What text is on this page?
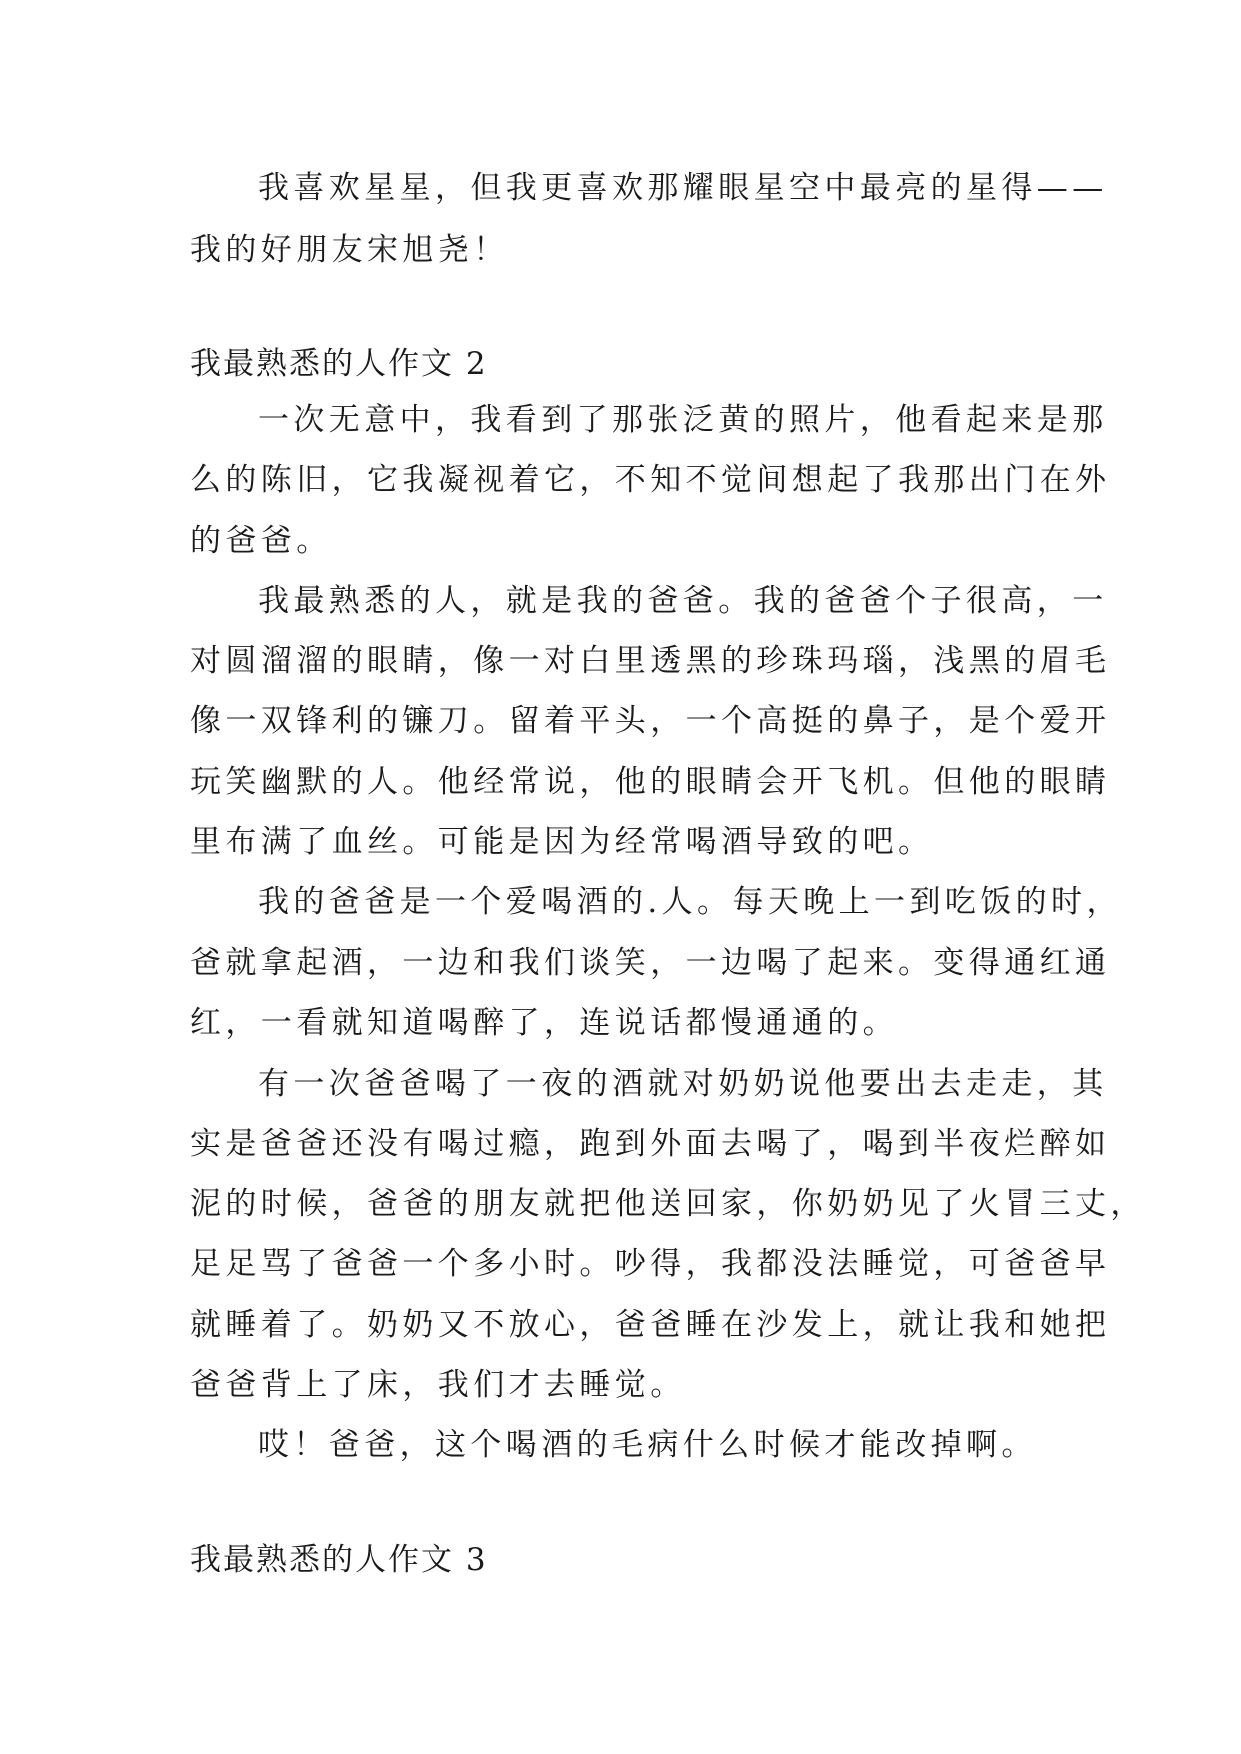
我喜欢星星，但我更喜欢那耀眼星空中最亮的星得——
我的好朋友宋旭尧！
我最熟悉的人作文 2
一次无意中，我看到了那张泛黄的照片，他看起来是那
么的陈旧，它我凝视着它，不知不觉间想起了我那出门在外
的爸爸。
我最熟悉的人，就是我的爸爸。我的爸爸个子很高，一
对圆溜溜的眼睛，像一对白里透黑的珍珠玛瑙，浅黑的眉毛
像一双锋利的镰刀。留着平头，一个高挺的鼻子，是个爱开
玩笑幽默的人。他经常说，他的眼睛会开飞机。但他的眼睛
里布满了血丝。可能是因为经常喝酒导致的吧。
我的爸爸是一个爱喝酒的.人。每天晚上一到吃饭的时，
爸就拿起酒，一边和我们谈笑，一边喝了起来。变得通红通
红，一看就知道喝醉了，连说话都慢通通的。
有一次爸爸喝了一夜的酒就对奶奶说他要出去走走，其
实是爸爸还没有喝过瘾，跑到外面去喝了，喝到半夜烂醉如
泥的时候，爸爸的朋友就把他送回家，你奶奶见了火冒三丈，
足足骂了爸爸一个多小时。吵得，我都没法睡觉，可爸爸早
就睡着了。奶奶又不放心，爸爸睡在沙发上，就让我和她把
爸爸背上了床，我们才去睡觉。
哎！爸爸，这个喝酒的毛病什么时候才能改掉啊。
我最熟悉的人作文 3
